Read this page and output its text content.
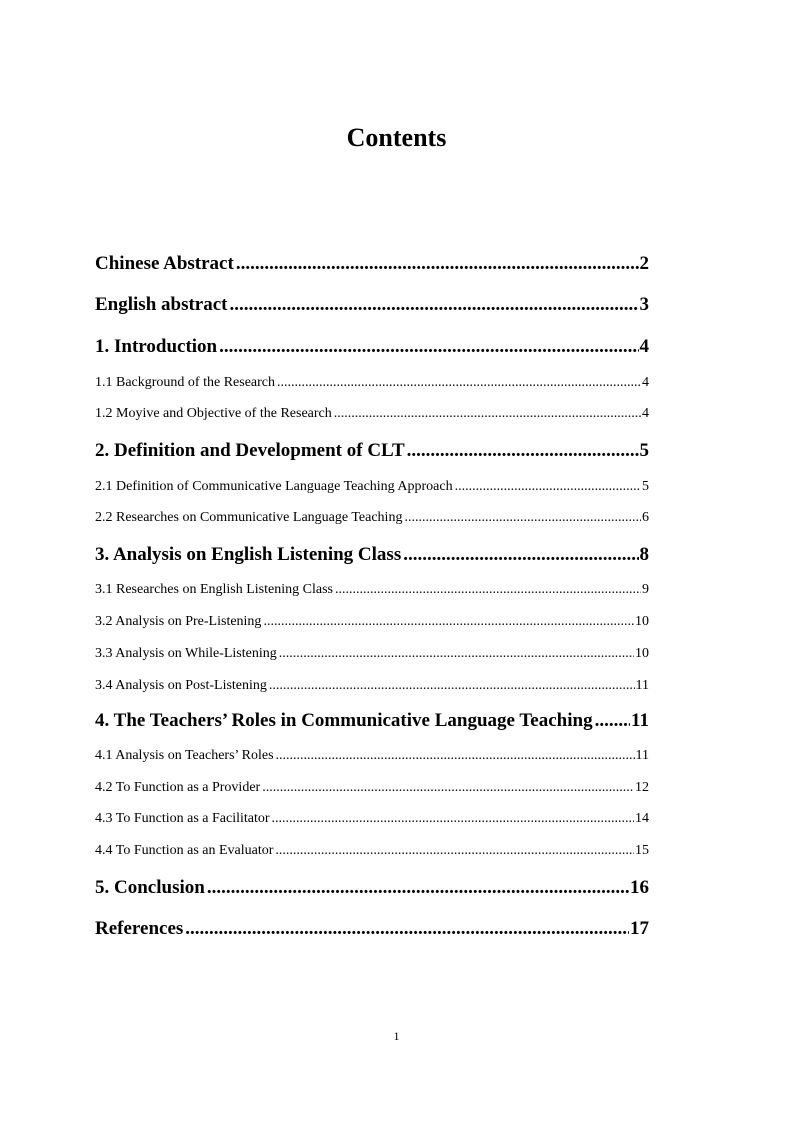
Contents
Chinese Abstract .....	2
English abstract .....	3
1. Introduction .....	4
1.1 Background of the Research .....	4
1.2 Moyive and Objective of the Research .....	4
2. Definition and Development of CLT .....	5
2.1 Definition of Communicative Language Teaching Approach .....	5
2.2 Researches on Communicative Language Teaching .....	6
3. Analysis on English Listening Class .....	8
3.1 Researches on English Listening Class .....	9
3.2 Analysis on Pre-Listening .....	10
3.3 Analysis on While-Listening .....	10
3.4 Analysis on Post-Listening .....	11
4. The Teachers’ Roles in Communicative Language Teaching ..... 11
4.1 Analysis on Teachers’ Roles .....	11
4.2 To Function as a Provider .....	12
4.3 To Function as a Facilitator .....	14
4.4 To Function as an Evaluator .....	15
5. Conclusion .....	16
References .....	17
1
